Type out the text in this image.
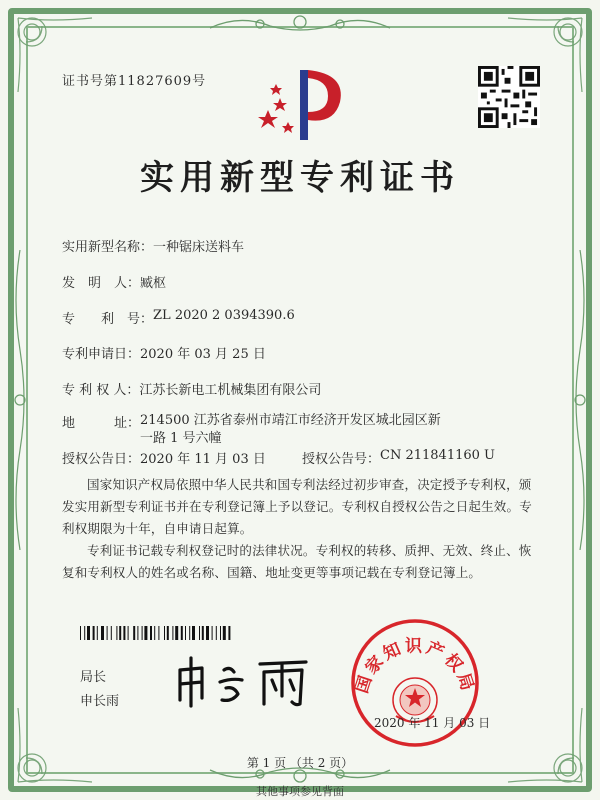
证书号第11827609号
实用新型专利证书
实用新型名称： 一种锯床送料车
发　明　人： 臧枢
专　　利　号： ZL 2020 2 0394390.6
专利申请日： 2020 年 03 月 25 日
专 利 权 人： 江苏长新电工机械集团有限公司
地　　　址： 214500 江苏省泰州市靖江市经济开发区城北园区新一路 1 号六幢
授权公告日： 2020 年 11 月 03 日	授权公告号： CN 211841160 U
国家知识产权局依照中华人民共和国专利法经过初步审查，决定授予专利权，颁发实用新型专利证书并在专利登记簿上予以登记。专利权自授权公告之日起生效。专利权期限为十年，自申请日起算。
专利证书记载专利权登记时的法律状况。专利权的转移、质押、无效、终止、恢复和专利权人的姓名或名称、国籍、地址变更等事项记载在专利登记簿上。
局长
申长雨
国家知识产权局
2020 年 11 月 03 日
第 1 页 （共 2 页）
其他事项参见背面
